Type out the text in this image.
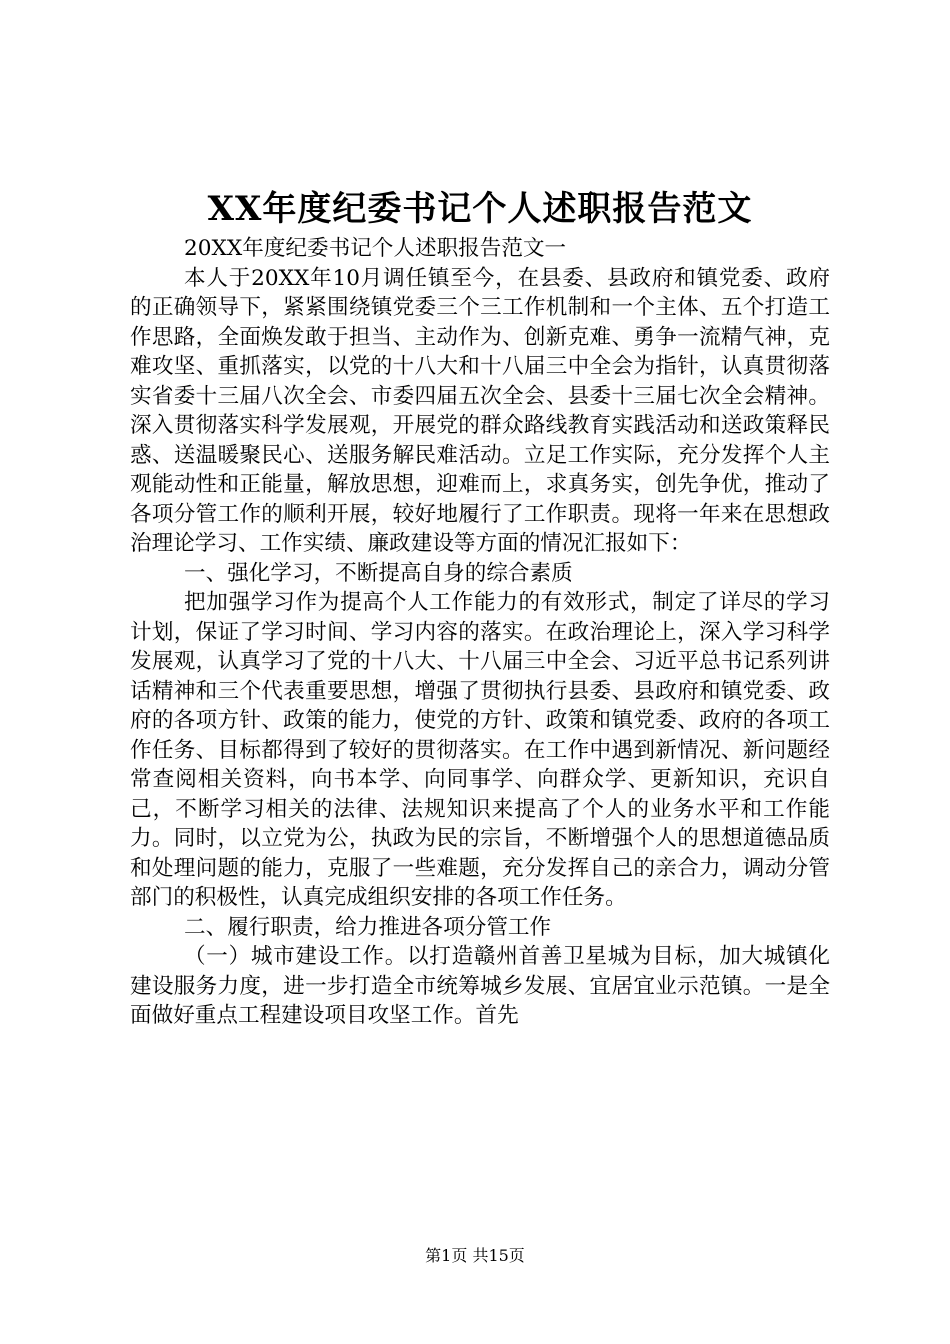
XX年度纪委书记个人述职报告范文

20XX年度纪委书记个人述职报告范文一

本人于20XX年10月调任镇至今，在县委、县政府和镇党委、政府的正确领导下，紧紧围绕镇党委三个三工作机制和一个主体、五个打造工作思路，全面焕发敢于担当、主动作为、创新克难、勇争一流精气神，克难攻坚、重抓落实，以党的十八大和十八届三中全会为指针，认真贯彻落实省委十三届八次全会、市委四届五次全会、县委十三届七次全会精神。深入贯彻落实科学发展观，开展党的群众路线教育实践活动和送政策释民惑、送温暖聚民心、送服务解民难活动。立足工作实际，充分发挥个人主观能动性和正能量，解放思想，迎难而上，求真务实，创先争优，推动了各项分管工作的顺利开展，较好地履行了工作职责。现将一年来在思想政治理论学习、工作实绩、廉政建设等方面的情况汇报如下：

一、强化学习，不断提高自身的综合素质

把加强学习作为提高个人工作能力的有效形式，制定了详尽的学习计划，保证了学习时间、学习内容的落实。在政治理论上，深入学习科学发展观，认真学习了党的十八大、十八届三中全会、习近平总书记系列讲话精神和三个代表重要思想，增强了贯彻执行县委、县政府和镇党委、政府的各项方针、政策的能力，使党的方针、政策和镇党委、政府的各项工作任务、目标都得到了较好的贯彻落实。在工作中遇到新情况、新问题经常查阅相关资料，向书本学、向同事学、向群众学、更新知识，充识自己，不断学习相关的法律、法规知识来提高了个人的业务水平和工作能力。同时，以立党为公，执政为民的宗旨，不断增强个人的思想道德品质和处理问题的能力，克服了一些难题，充分发挥自己的亲合力，调动分管部门的积极性，认真完成组织安排的各项工作任务。

二、履行职责，给力推进各项分管工作

（一）城市建设工作。以打造赣州首善卫星城为目标，加大城镇化建设服务力度，进一步打造全市统筹城乡发展、宜居宜业示范镇。一是全面做好重点工程建设项目攻坚工作。首先

第1页 共15页
